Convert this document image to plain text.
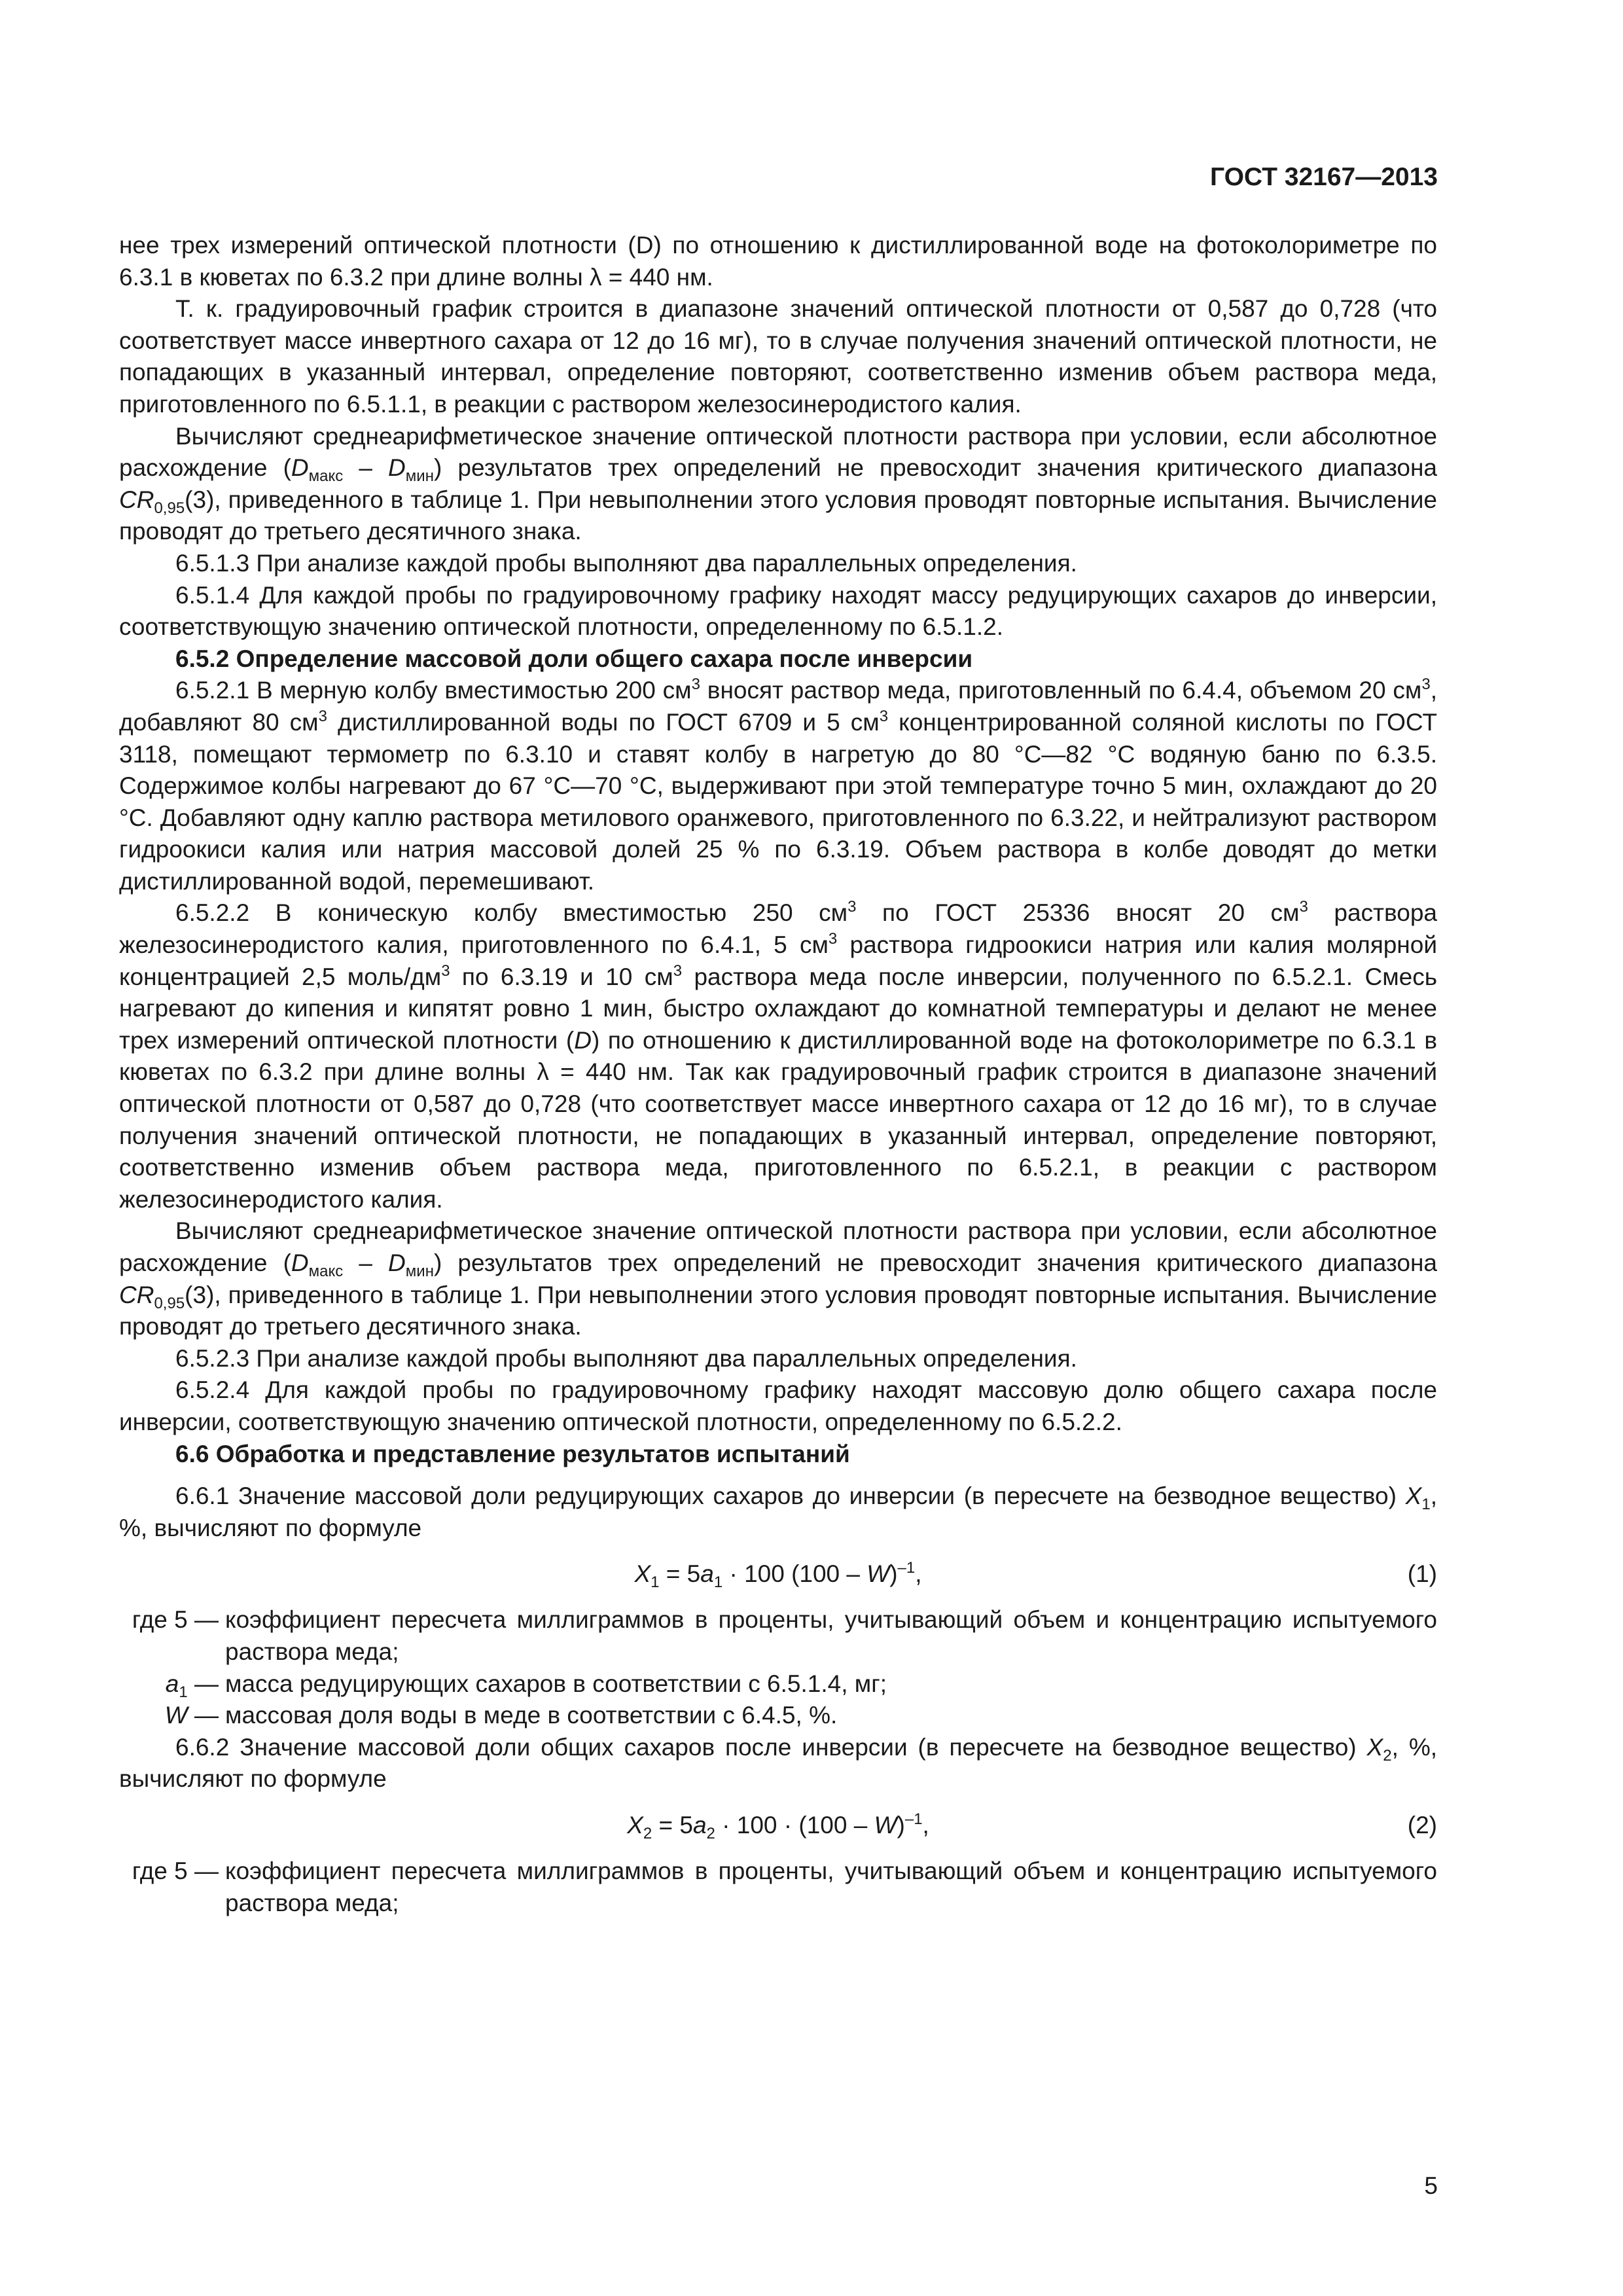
ГОСТ 32167—2013

нее трех измерений оптической плотности (D) по отношению к дистиллированной воде на фотоколориметре по 6.3.1 в кюветах по 6.3.2 при длине волны λ = 440 нм.

Т. к. градуировочный график строится в диапазоне значений оптической плотности от 0,587 до 0,728 (что соответствует массе инвертного сахара от 12 до 16 мг), то в случае получения значений оптической плотности, не попадающих в указанный интервал, определение повторяют, соответственно изменив объем раствора меда, приготовленного по 6.5.1.1, в реакции с раствором железосинеродистого калия.

Вычисляют среднеарифметическое значение оптической плотности раствора при условии, если абсолютное расхождение $(D_{макс} - D_{мин})$ результатов трех определений не превосходит значения критического диапазона $CR_{0,95}(3)$, приведенного в таблице 1. При невыполнении этого условия проводят повторные испытания. Вычисление проводят до третьего десятичного знака.

6.5.1.3 При анализе каждой пробы выполняют два параллельных определения.

6.5.1.4 Для каждой пробы по градуировочному графику находят массу редуцирующих сахаров до инверсии, соответствующую значению оптической плотности, определенному по 6.5.1.2.

6.5.2 Определение массовой доли общего сахара после инверсии

6.5.2.1 В мерную колбу вместимостью 200 $см^3$ вносят раствор меда, приготовленный по 6.4.4, объемом 20 $см^3$, добавляют 80 $см^3$ дистиллированной воды по ГОСТ 6709 и 5 $см^3$ концентрированной соляной кислоты по ГОСТ 3118, помещают термометр по 6.3.10 и ставят колбу в нагретую до 80 °С—82 °С водяную баню по 6.3.5. Содержимое колбы нагревают до 67 °С—70 °С, выдерживают при этой температуре точно 5 мин, охлаждают до 20 °С. Добавляют одну каплю раствора метилового оранжевого, приготовленного по 6.3.22, и нейтрализуют раствором гидроокиси калия или натрия массовой долей 25 % по 6.3.19. Объем раствора в колбе доводят до метки дистиллированной водой, перемешивают.

6.5.2.2 В коническую колбу вместимостью 250 $см^3$ по ГОСТ 25336 вносят 20 $см^3$ раствора железосинеродистого калия, приготовленного по 6.4.1, 5 $см^3$ раствора гидроокиси натрия или калия молярной концентрацией 2,5 моль/$дм^3$ по 6.3.19 и 10 $см^3$ раствора меда после инверсии, полученного по 6.5.2.1. Смесь нагревают до кипения и кипятят ровно 1 мин, быстро охлаждают до комнатной температуры и делают не менее трех измерений оптической плотности (D) по отношению к дистиллированной воде на фотоколориметре по 6.3.1 в кюветах по 6.3.2 при длине волны λ = 440 нм. Так как градуировочный график строится в диапазоне значений оптической плотности от 0,587 до 0,728 (что соответствует массе инвертного сахара от 12 до 16 мг), то в случае получения значений оптической плотности, не попадающих в указанный интервал, определение повторяют, соответственно изменив объем раствора меда, приготовленного по 6.5.2.1, в реакции с раствором железосинеродистого калия.

Вычисляют среднеарифметическое значение оптической плотности раствора при условии, если абсолютное расхождение $(D_{макс} - D_{мин})$ результатов трех определений не превосходит значения критического диапазона $CR_{0,95}(3)$, приведенного в таблице 1. При невыполнении этого условия проводят повторные испытания. Вычисление проводят до третьего десятичного знака.

6.5.2.3 При анализе каждой пробы выполняют два параллельных определения.

6.5.2.4 Для каждой пробы по градуировочному графику находят массовую долю общего сахара после инверсии, соответствующую значению оптической плотности, определенному по 6.5.2.2.

6.6 Обработка и представление результатов испытаний

6.6.1 Значение массовой доли редуцирующих сахаров до инверсии (в пересчете на безводное вещество) $X_1$, %, вычисляют по формуле

$X_1 = 5a_1 \cdot 100$ (100 – W)$^{-1}$,	(1)
где 5 — коэффициент пересчета миллиграммов в проценты, учитывающий объем и концентрацию испытуемого раствора меда;
$a_1$ — масса редуцирующих сахаров в соответствии с 6.5.1.4, мг;
W — массовая доля воды в меде в соответствии с 6.4.5, %.

6.6.2 Значение массовой доли общих сахаров после инверсии (в пересчете на безводное вещество) $X_2$, %, вычисляют по формуле

$X_2 = 5a_2 \cdot 100 \cdot (100 - W)^{-1}$,	(2)
где 5 — коэффициент пересчета миллиграммов в проценты, учитывающий объем и концентрацию испытуемого раствора меда;
5
